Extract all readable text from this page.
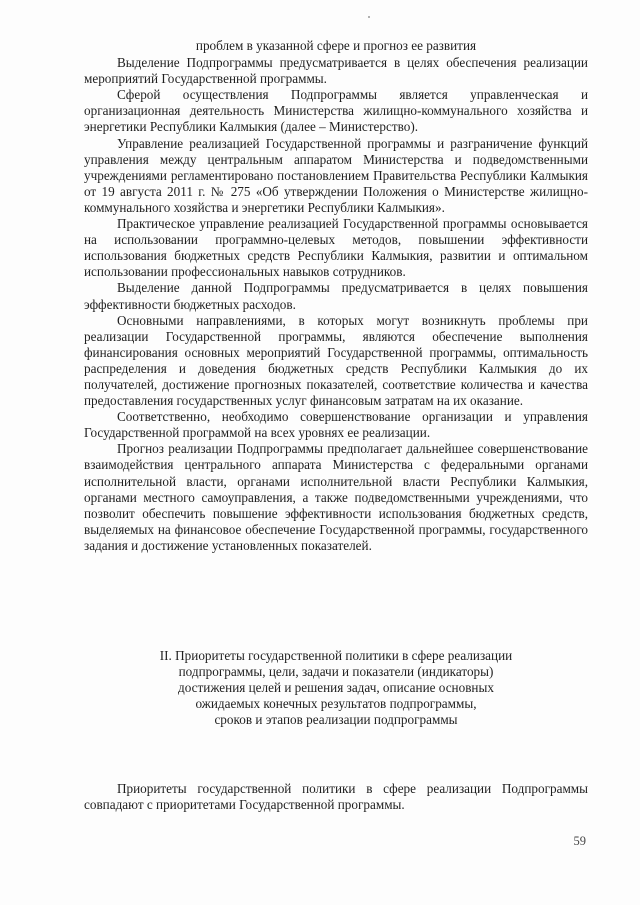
проблем в указанной сфере и прогноз ее развития

Выделение Подпрограммы предусматривается в целях обеспечения реализации мероприятий Государственной программы.

Сферой осуществления Подпрограммы является управленческая и организационная деятельность Министерства жилищно-коммунального хозяйства и энергетики Республики Калмыкия (далее – Министерство).

Управление реализацией Государственной программы и разграничение функций управления между центральным аппаратом Министерства и подведомственными учреждениями регламентировано постановлением Правительства Республики Калмыкия от 19 августа 2011 г. № 275 «Об утверждении Положения о Министерстве жилищно-коммунального хозяйства и энергетики Республики Калмыкия».

Практическое управление реализацией Государственной программы основывается на использовании программно-целевых методов, повышении эффективности использования бюджетных средств Республики Калмыкия, развитии и оптимальном использовании профессиональных навыков сотрудников.

Выделение данной Подпрограммы предусматривается в целях повышения эффективности бюджетных расходов.

Основными направлениями, в которых могут возникнуть проблемы при реализации Государственной программы, являются обеспечение выполнения финансирования основных мероприятий Государственной программы, оптимальность распределения и доведения бюджетных средств Республики Калмыкия до их получателей, достижение прогнозных показателей, соответствие количества и качества предоставления государственных услуг финансовым затратам на их оказание.

Соответственно, необходимо совершенствование организации и управления Государственной программой на всех уровнях ее реализации.

Прогноз реализации Подпрограммы предполагает дальнейшее совершенствование взаимодействия центрального аппарата Министерства с федеральными органами исполнительной власти, органами исполнительной власти Республики Калмыкия, органами местного самоуправления, а также подведомственными учреждениями, что позволит обеспечить повышение эффективности использования бюджетных средств, выделяемых на финансовое обеспечение Государственной программы, государственного задания и достижение установленных показателей.

II. Приоритеты государственной политики в сфере реализации
подпрограммы, цели, задачи и показатели (индикаторы)
достижения целей и решения задач, описание основных
ожидаемых конечных результатов подпрограммы,
сроков и этапов реализации подпрограммы

Приоритеты государственной политики в сфере реализации Подпрограммы совпадают с приоритетами Государственной программы.

59
